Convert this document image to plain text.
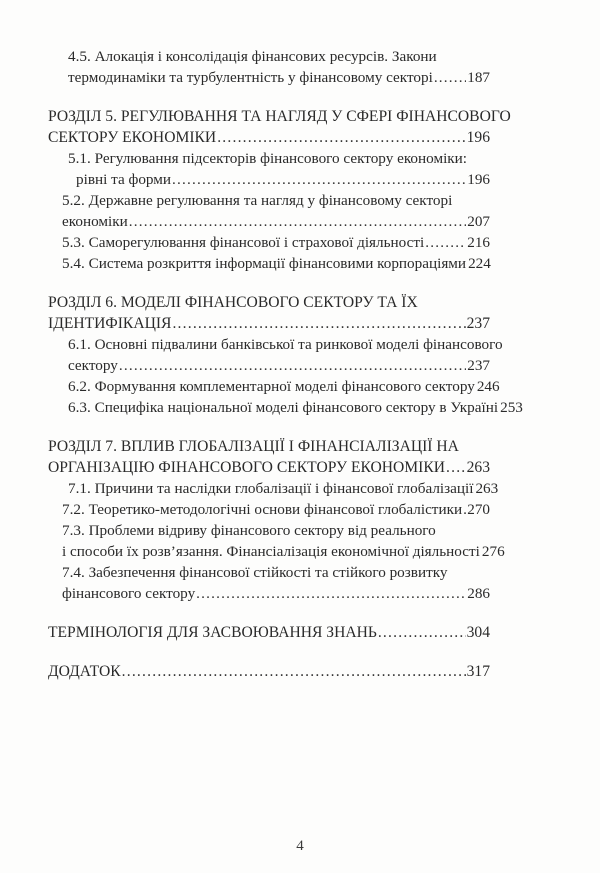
4.5. Алокація і консолідація фінансових ресурсів. Закони
термодинаміки та турбулентність у фінансовому секторі ..... 187
РОЗДІЛ 5. РЕГУЛЮВАННЯ ТА НАГЛЯД У СФЕРІ ФІНАНСОВОГО
СЕКТОРУ ЕКОНОМІКИ .....	196
5.1. Регулювання підсекторів фінансового сектору економіки:
рівні та форми .....	196
5.2. Державне регулювання та нагляд у фінансовому секторі
економіки .....	207
5.3. Саморегулювання фінансової і страхової діяльності .....	216
5.4. Система розкриття інформації фінансовими корпораціями 224
РОЗДІЛ 6. МОДЕЛІ ФІНАНСОВОГО СЕКТОРУ ТА ЇХ
ІДЕНТИФІКАЦІЯ .....	237
6.1. Основні підвалини банківської та ринкової моделі фінансового
сектору .....	237
6.2. Формування комплементарної моделі фінансового сектору 246
6.3. Специфіка національної моделі фінансового сектору в Україні 253
РОЗДІЛ 7. ВПЛИВ ГЛОБАЛІЗАЦІЇ І ФІНАНСІАЛІЗАЦІЇ НА
ОРГАНІЗАЦІЮ ФІНАНСОВОГО СЕКТОРУ ЕКОНОМІКИ ..... 263
7.1. Причини та наслідки глобалізації і фінансової глобалізації 263
7.2. Теоретико-методологічні основи фінансової глобалістики ..... 270
7.3. Проблеми відриву фінансового сектору від реального
і способи їх розв’язання. Фінансіалізація економічної діяльності 276
7.4. Забезпечення фінансової стійкості та стійкого розвитку
фінансового сектору .....	286
ТЕРМІНОЛОГІЯ ДЛЯ ЗАСВОЮВАННЯ ЗНАНЬ .....	304
ДОДАТОК .....	317
4
